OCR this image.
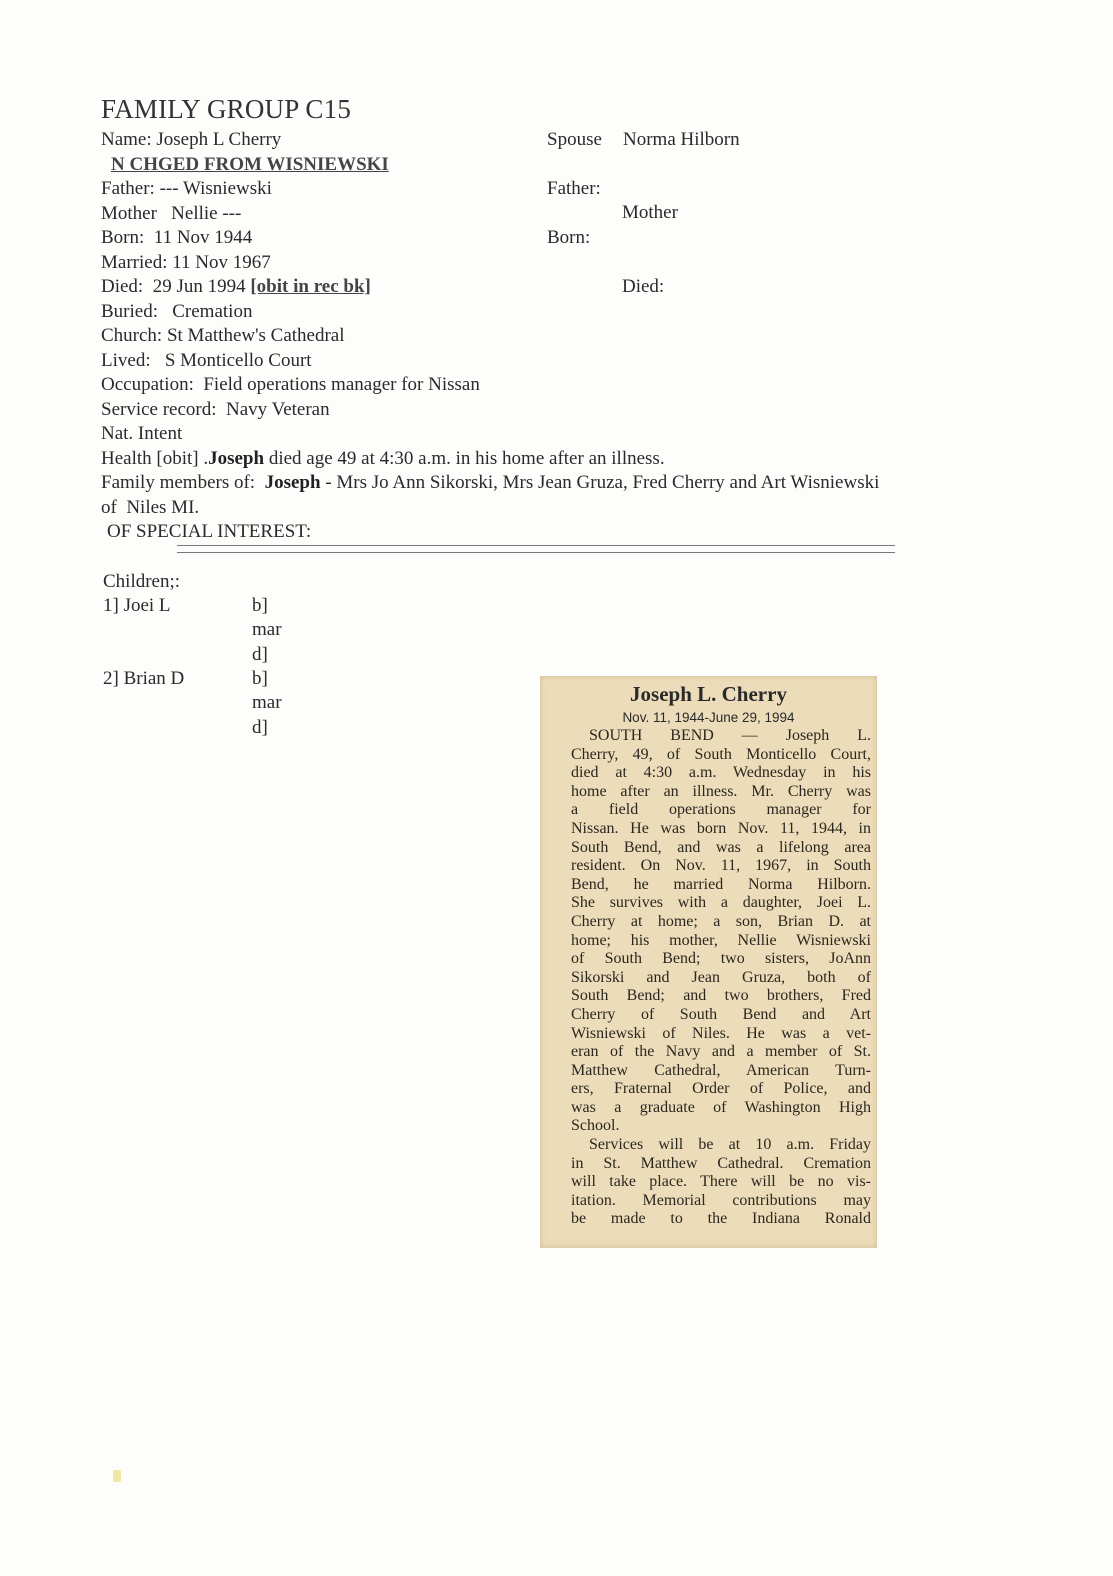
FAMILY GROUP C15
Name: Joseph L Cherry
N CHGED FROM WISNIEWSKI
Father: --- Wisniewski
Mother   Nellie ---
Born:  11 Nov 1944
Married: 11 Nov 1967
Died:  29 Jun 1994 [obit in rec bk]
Buried:   Cremation
Church: St Matthew's Cathedral
Lived:   S Monticello Court
Occupation:  Field operations manager for Nissan
Service record:  Navy Veteran
Nat. Intent
Health [obit] .Joseph died age 49 at 4:30 a.m. in his home after an illness.
Family members of:  Joseph - Mrs Jo Ann Sikorski, Mrs Jean Gruza, Fred Cherry and Art Wisniewski
of  Niles MI.
OF SPECIAL INTEREST:
Spouse Norma Hilborn
Father:
Mother
Born:
Died:
Children;:
1] Joei L	b]
mar
d]
2] Brian D	b]
mar
d]
Joseph L. Cherry
Nov. 11, 1944-June 29, 1994
SOUTH BEND — Joseph L.
Cherry, 49, of South Monticello Court,
died at 4:30 a.m. Wednesday in his
home after an illness. Mr. Cherry was
a field operations manager for
Nissan. He was born Nov. 11, 1944, in
South Bend, and was a lifelong area
resident. On Nov. 11, 1967, in South
Bend, he married Norma Hilborn.
She survives with a daughter, Joei L.
Cherry at home; a son, Brian D. at
home; his mother, Nellie Wisniewski
of South Bend; two sisters, JoAnn
Sikorski and Jean Gruza, both of
South Bend; and two brothers, Fred
Cherry of South Bend and Art
Wisniewski of Niles. He was a vet-
eran of the Navy and a member of St.
Matthew Cathedral, American Turn-
ers, Fraternal Order of Police, and
was a graduate of Washington High
School.
Services will be at 10 a.m. Friday
in St. Matthew Cathedral. Cremation
will take place. There will be no vis-
itation. Memorial contributions may
be made to the Indiana Ronald
